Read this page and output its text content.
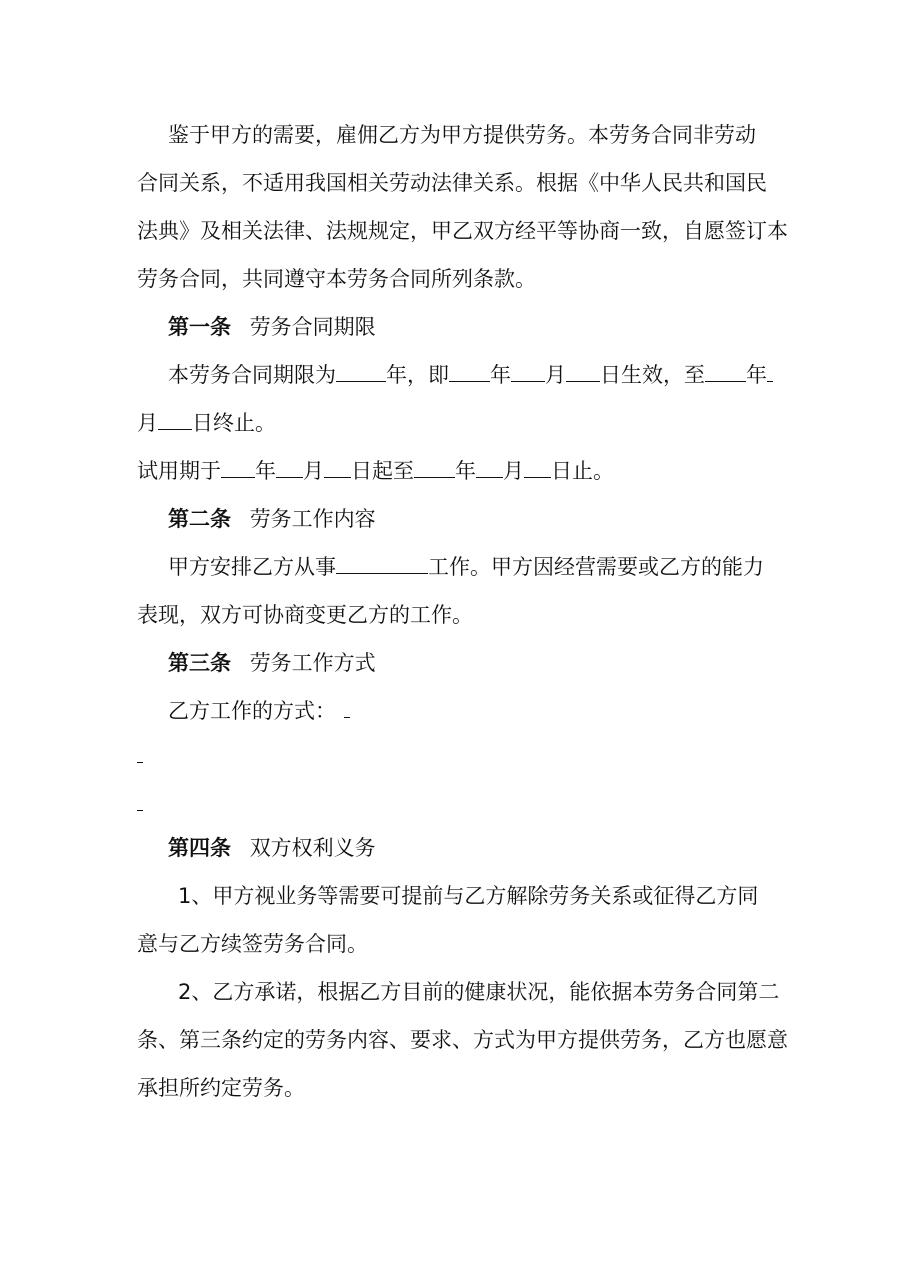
鉴于甲方的需要，雇佣乙方为甲方提供劳务。本劳务合同非劳动
合同关系，不适用我国相关劳动法律关系。根据《中华人民共和国民
法典》及相关法律、法规规定，甲乙双方经平等协商一致，自愿签订本
劳务合同，共同遵守本劳务合同所列条款。
第一条 劳务合同期限
本劳务合同期限为 年，即 年 月 日生效，至 年
月 日终止。
试用期于 年 月 日起至 年 月 日止。
第二条 劳务工作内容
甲方安排乙方从事	工作。甲方因经营需要或乙方的能力
表现，双方可协商变更乙方的工作。
第三条 劳务工作方式
乙方工作的方式：
第四条 双方权利义务
1、甲方视业务等需要可提前与乙方解除劳务关系或征得乙方同
意与乙方续签劳务合同。
2、乙方承诺，根据乙方目前的健康状况，能依据本劳务合同第二
条、第三条约定的劳务内容、要求、方式为甲方提供劳务，乙方也愿意
承担所约定劳务。
